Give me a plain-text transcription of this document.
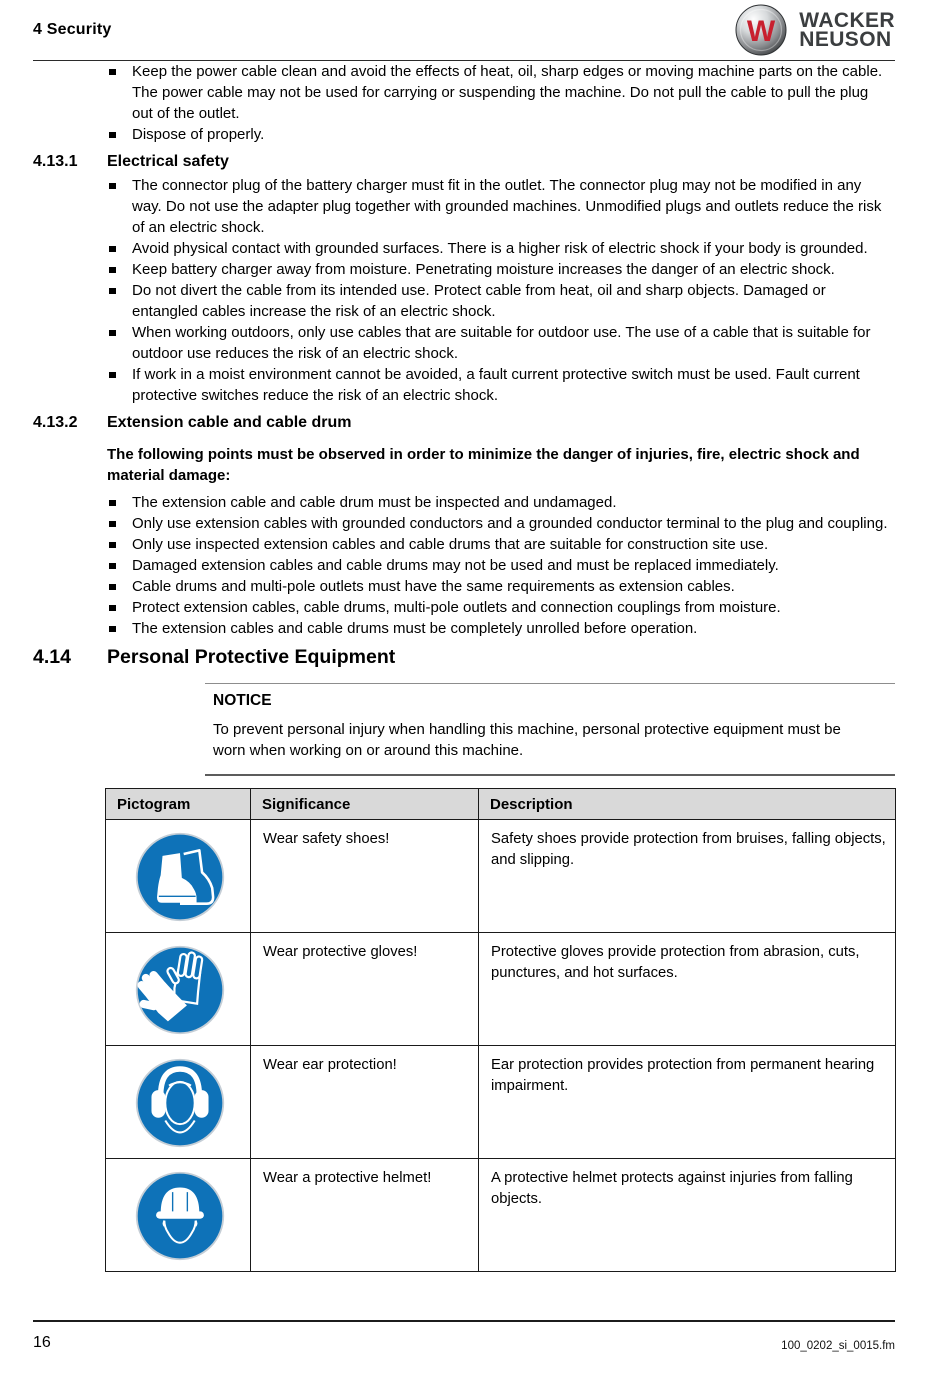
4 Security	W WACKER
NEUSON
Keep the power cable clean and avoid the effects of heat, oil, sharp edges or moving machine parts on the cable. The power cable may not be used for carrying or suspending the machine. Do not pull the cable to pull the plug out of the outlet.
Dispose of properly.
4.13.1	Electrical safety
The connector plug of the battery charger must fit in the outlet. The connector plug may not be modified in any way. Do not use the adapter plug together with grounded machines. Unmodified plugs and outlets reduce the risk of an electric shock.
Avoid physical contact with grounded surfaces. There is a higher risk of electric shock if your body is grounded.
Keep battery charger away from moisture. Penetrating moisture increases the danger of an electric shock.
Do not divert the cable from its intended use. Protect cable from heat, oil and sharp objects. Damaged or entangled cables increase the risk of an electric shock.
When working outdoors, only use cables that are suitable for outdoor use. The use of a cable that is suitable for outdoor use reduces the risk of an electric shock.
If work in a moist environment cannot be avoided, a fault current protective switch must be used. Fault current protective switches reduce the risk of an electric shock.
4.13.2	Extension cable and cable drum
The following points must be observed in order to minimize the danger of injuries, fire, electric shock and material damage:
The extension cable and cable drum must be inspected and undamaged.
Only use extension cables with grounded conductors and a grounded conductor terminal to the plug and coupling.
Only use inspected extension cables and cable drums that are suitable for construction site use.
Damaged extension cables and cable drums may not be used and must be replaced immediately.
Cable drums and multi-pole outlets must have the same requirements as extension cables.
Protect extension cables, cable drums, multi-pole outlets and connection couplings from moisture.
The extension cables and cable drums must be completely unrolled before operation.
4.14	Personal Protective Equipment
NOTICE
To prevent personal injury when handling this machine, personal protective equipment must be worn when working on or around this machine.
Pictogram	Significance	Description

	Wear safety shoes!	Safety shoes provide protection from bruises, falling objects, and slipping.

	Wear protective gloves!	Protective gloves provide protection from abrasion, cuts, punctures, and hot surfaces.

	Wear ear protection!	Ear protection provides protection from permanent hearing impairment.

	Wear a protective helmet!	A protective helmet protects against injuries from falling objects.
16	100_0202_si_0015.fm
